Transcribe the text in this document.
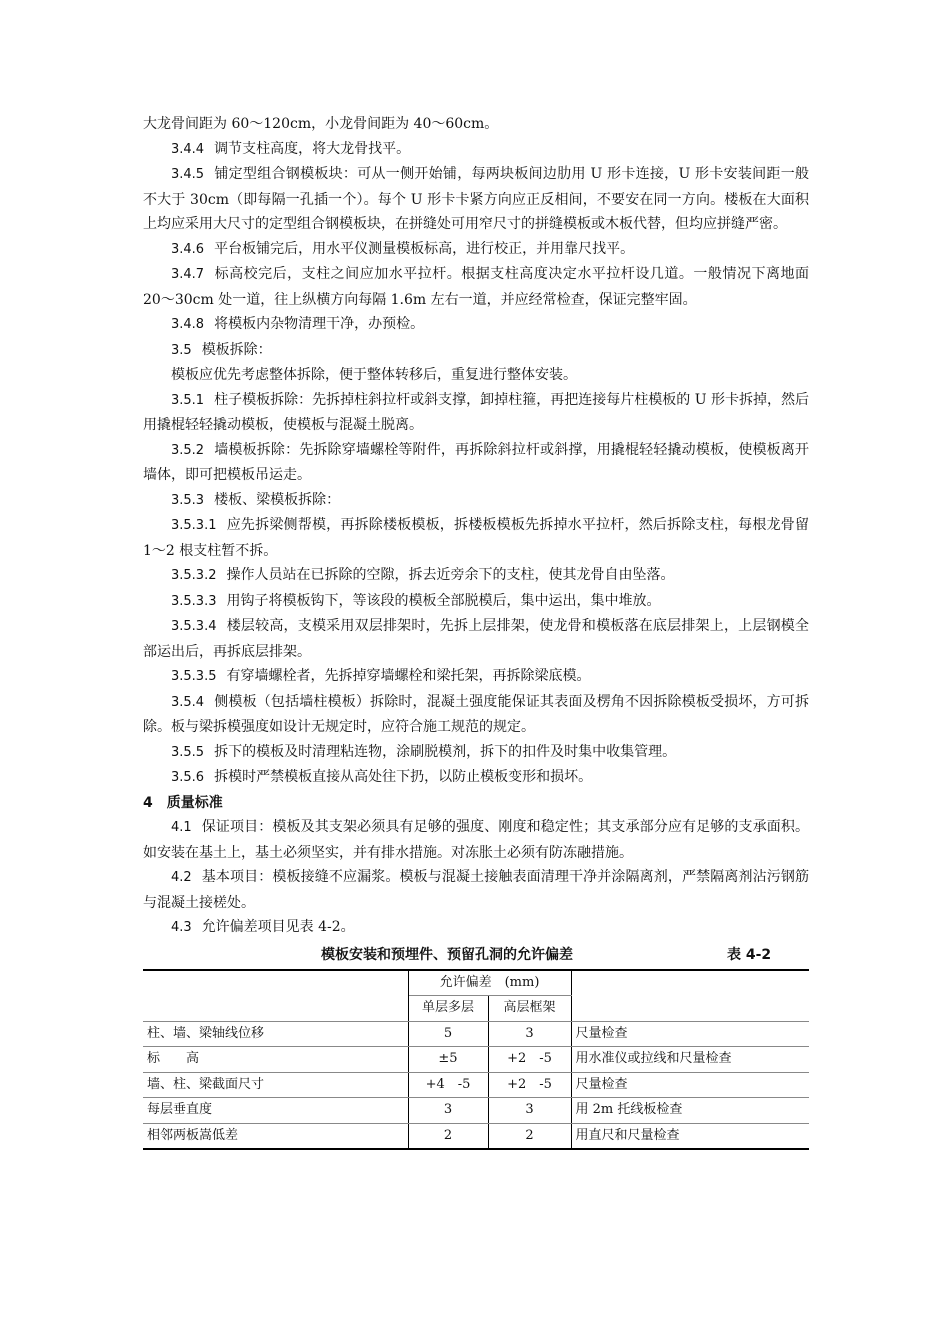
大龙骨间距为 60～120cm，小龙骨间距为 40～60cm。

3.4.4 调节支柱高度，将大龙骨找平。

3.4.5 铺定型组合钢模板块：可从一侧开始铺，每两块板间边肋用 U 形卡连接，U 形卡安装间距一般不大于 30cm（即每隔一孔插一个）。每个 U 形卡卡紧方向应正反相间，不要安在同一方向。楼板在大面积上均应采用大尺寸的定型组合钢模板块，在拼缝处可用窄尺寸的拼缝模板或木板代替，但均应拼缝严密。

3.4.6 平台板铺完后，用水平仪测量模板标高，进行校正，并用靠尺找平。

3.4.7 标高校完后，支柱之间应加水平拉杆。根据支柱高度决定水平拉杆设几道。一般情况下离地面 20～30cm 处一道，往上纵横方向每隔 1.6m 左右一道，并应经常检查，保证完整牢固。

3.4.8 将模板内杂物清理干净，办预检。

3.5 模板拆除：

模板应优先考虑整体拆除，便于整体转移后，重复进行整体安装。

3.5.1 柱子模板拆除：先拆掉柱斜拉杆或斜支撑，卸掉柱箍，再把连接每片柱模板的 U 形卡拆掉，然后用撬棍轻轻撬动模板，使模板与混凝土脱离。

3.5.2 墙模板拆除：先拆除穿墙螺栓等附件，再拆除斜拉杆或斜撑，用撬棍轻轻撬动模板，使模板离开墙体，即可把模板吊运走。

3.5.3 楼板、梁模板拆除：

3.5.3.1 应先拆梁侧帮模，再拆除楼板模板，拆楼板模板先拆掉水平拉杆，然后拆除支柱，每根龙骨留 1～2 根支柱暂不拆。

3.5.3.2 操作人员站在已拆除的空隙，拆去近旁余下的支柱，使其龙骨自由坠落。

3.5.3.3 用钩子将模板钩下，等该段的模板全部脱模后，集中运出，集中堆放。

3.5.3.4 楼层较高，支模采用双层排架时，先拆上层排架，使龙骨和模板落在底层排架上，上层钢模全部运出后，再拆底层排架。

3.5.3.5 有穿墙螺栓者，先拆掉穿墙螺栓和梁托架，再拆除梁底模。

3.5.4 侧模板（包括墙柱模板）拆除时，混凝土强度能保证其表面及楞角不因拆除模板受损坏，方可拆除。板与梁拆模强度如设计无规定时，应符合施工规范的规定。

3.5.5 拆下的模板及时清理粘连物，涂刷脱模剂，拆下的扣件及时集中收集管理。

3.5.6 拆模时严禁模板直接从高处往下扔，以防止模板变形和损坏。

4　 质量标准

4.1 保证项目：模板及其支架必须具有足够的强度、刚度和稳定性；其支承部分应有足够的支承面积。如安装在基土上，基土必须坚实，并有排水措施。对冻胀土必须有防冻融措施。

4.2 基本项目：模板接缝不应漏浆。模板与混凝土接触表面清理干净并涂隔离剂，严禁隔离剂沾污钢筋与混凝土接槎处。

4.3 允许偏差项目见表 4-2。

模板安装和预埋件、预留孔洞的允许偏差	表 4-2
	允许偏差　(mm)		
	单层多层	高层框架	
柱、墙、梁轴线位移	5	3	尺量检查
标　　高	±5	+2　-5	用水准仪或拉线和尺量检查
墙、柱、梁截面尺寸	+4　-5	+2　-5	尺量检查
每层垂直度	3	3	用 2m 托线板检查
相邻两板嵩低差	2	2	用直尺和尺量检查
